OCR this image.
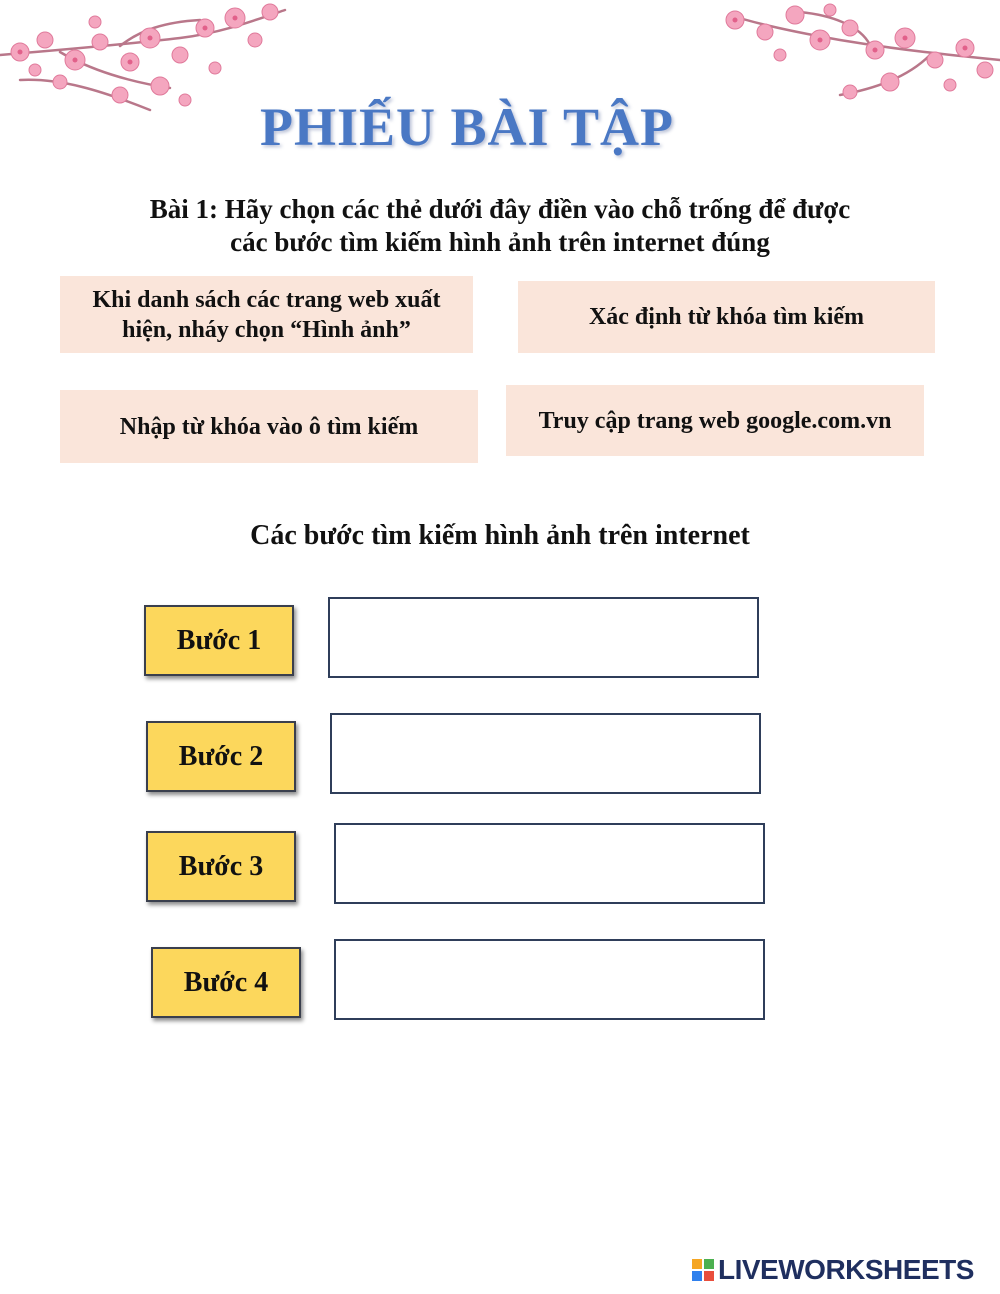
PHIẾU BÀI TẬP
Bài 1: Hãy chọn các thẻ dưới đây điền vào chỗ trống để được
các bước tìm kiếm hình ảnh trên internet đúng
Khi danh sách các trang web xuất
hiện, nháy chọn “Hình ảnh”	Xác định từ khóa tìm kiếm
Nhập từ khóa vào ô tìm kiếm	Truy cập trang web google.com.vn
Các bước tìm kiếm hình ảnh trên internet
Bước 1
Bước 2
Bước 3
Bước 4
LIVEWORKSHEETS
